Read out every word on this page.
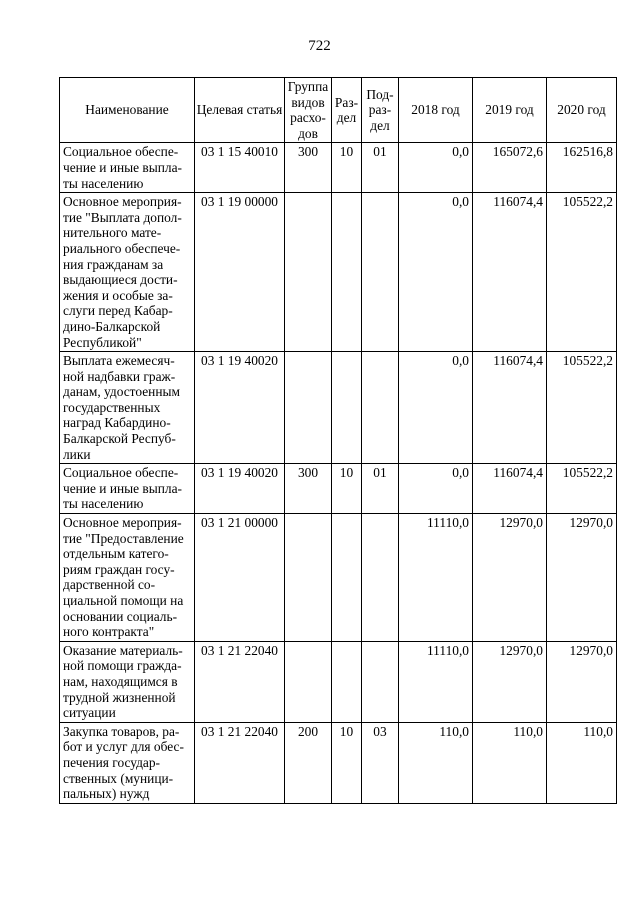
722
Наименование	Целевая статья	Группа видов расхо-дов	Раз-дел	Под-раз-дел	2018 год	2019 год	2020 год
Социальное обеспе-чение и иные выпла-ты населению	03 1 15 40010	300	10	01	0,0	165072,6	162516,8
Основное мероприя-тие "Выплата допол-нительного мате-риального обеспече-ния гражданам за выдающиеся дости-жения и особые за-слуги перед Кабар-дино-Балкарской Республикой"	03 1 19 00000				0,0	116074,4	105522,2
Выплата ежемесяч-ной надбавки граж-данам, удостоенным государственных наград Кабардино-Балкарской Респуб-лики	03 1 19 40020				0,0	116074,4	105522,2
Социальное обеспе-чение и иные выпла-ты населению	03 1 19 40020	300	10	01	0,0	116074,4	105522,2
Основное мероприя-тие "Предоставление отдельным катего-риям граждан госу-дарственной со-циальной помощи на основании социаль-ного контракта"	03 1 21 00000				11110,0	12970,0	12970,0
Оказание материаль-ной помощи гражда-нам, находящимся в трудной жизненной ситуации	03 1 21 22040				11110,0	12970,0	12970,0
Закупка товаров, ра-бот и услуг для обес-печения государ-ственных (муници-пальных) нужд	03 1 21 22040	200	10	03	110,0	110,0	110,0
